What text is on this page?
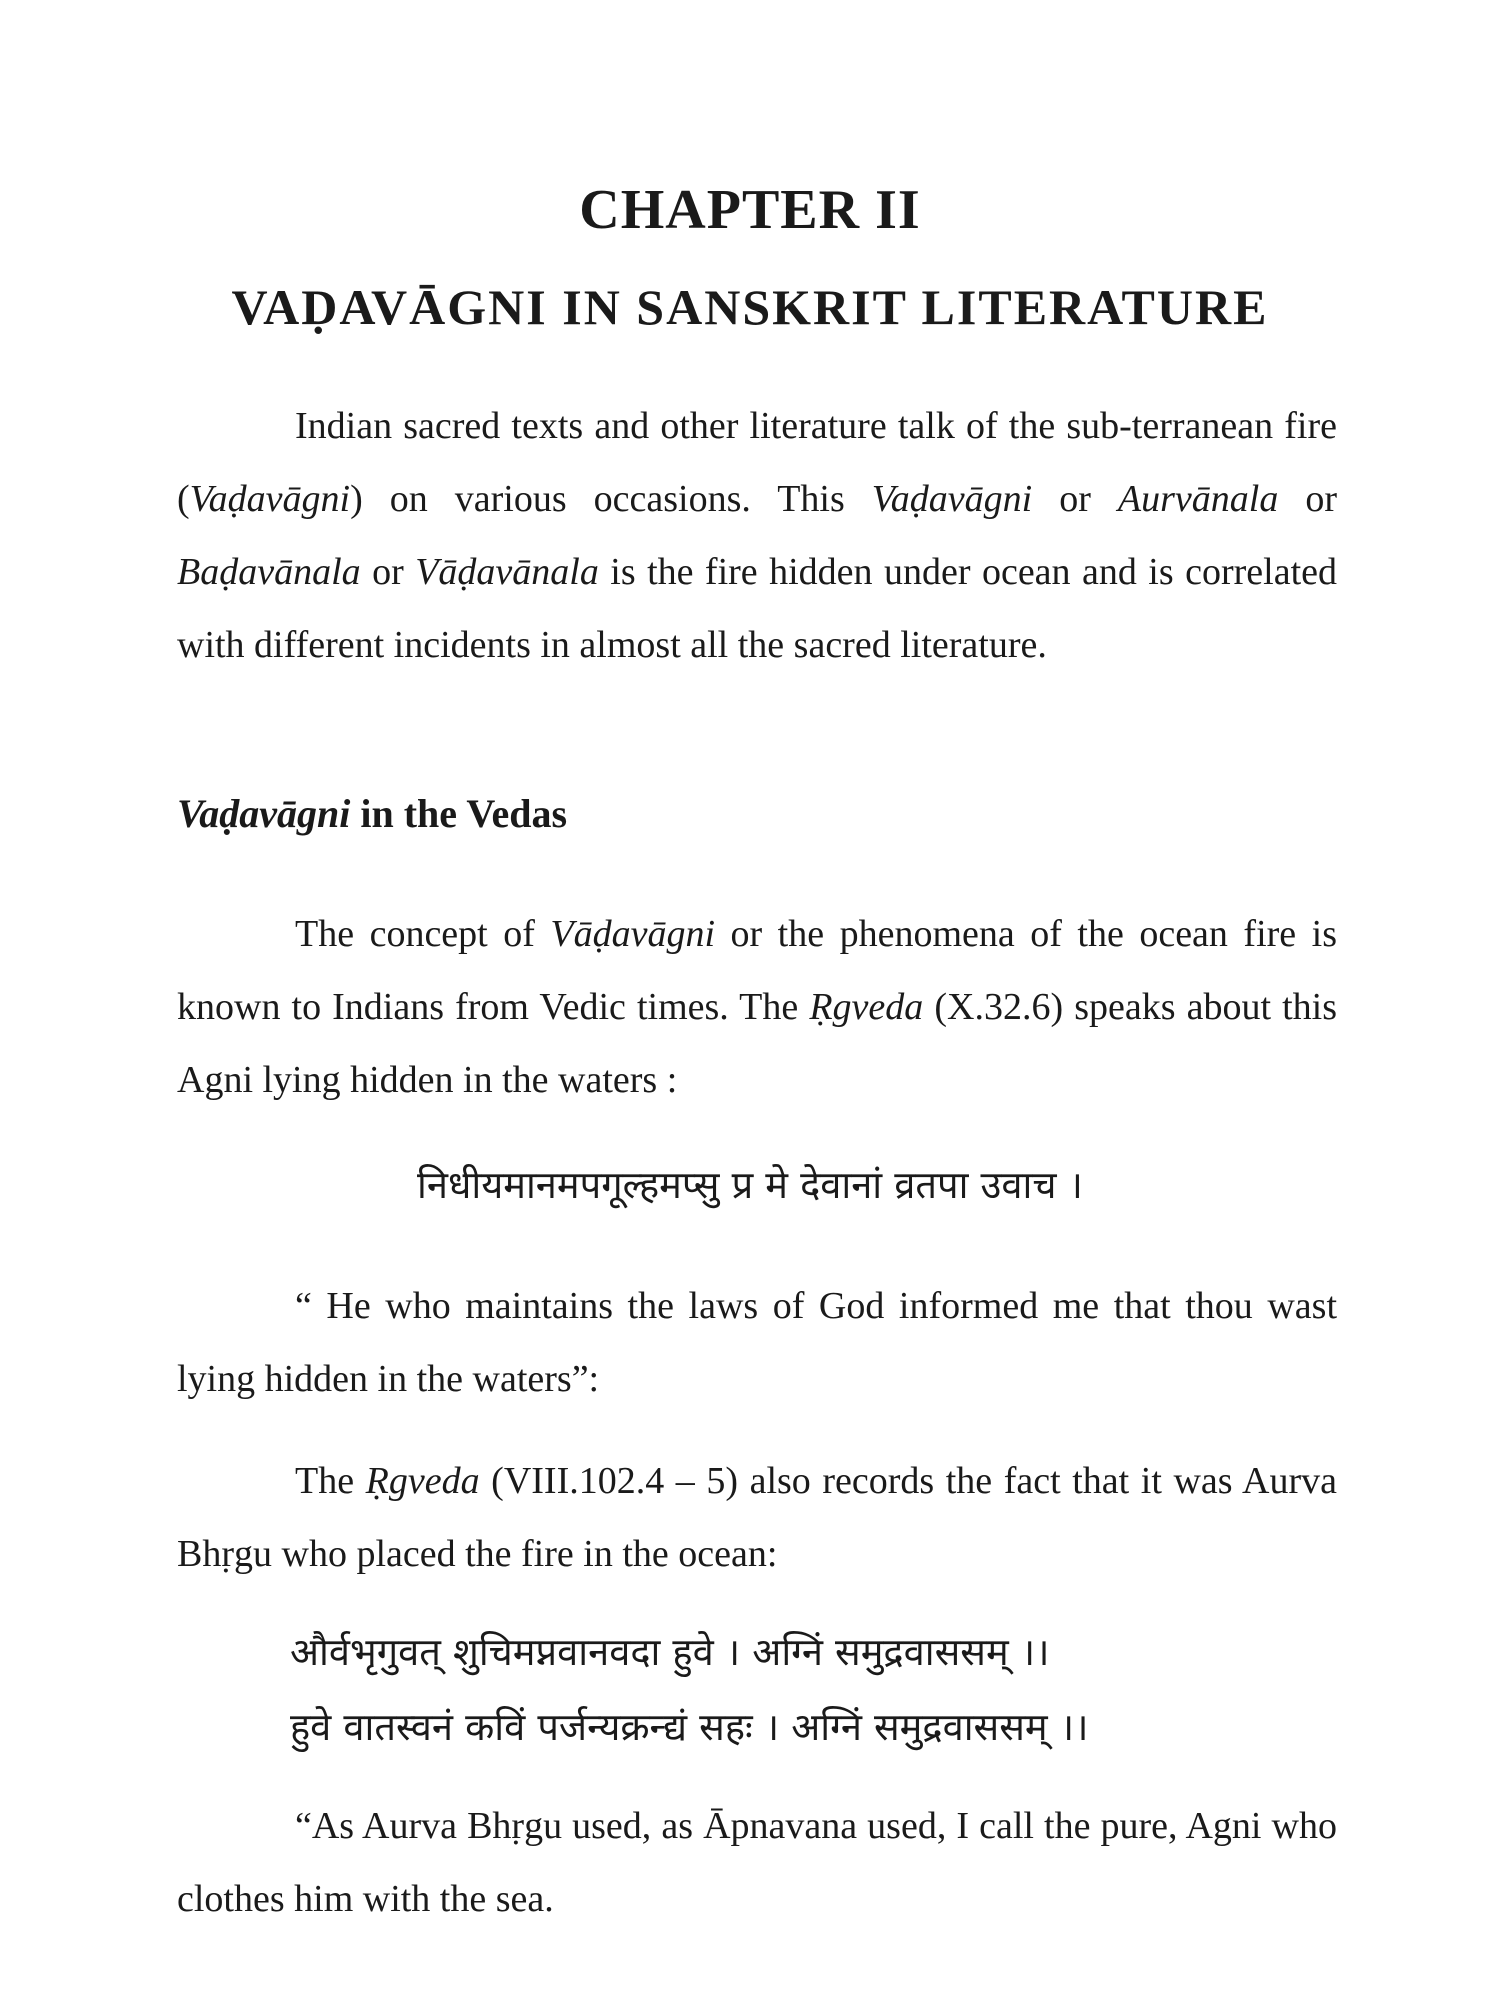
CHAPTER II
VAḌAVĀGNI IN SANSKRIT LITERATURE

Indian sacred texts and other literature talk of the sub-terranean fire (Vaḍavāgni) on various occasions. This Vaḍavāgni or Aurvānala or Baḍavānala or Vāḍavānala is the fire hidden under ocean and is correlated with different incidents in almost all the sacred literature.

Vaḍavāgni in the Vedas

The concept of Vāḍavāgni or the phenomena of the ocean fire is known to Indians from Vedic times. The Ṛgveda (X.32.6) speaks about this Agni lying hidden in the waters :

निधीयमानमपगूल्हमप्सु प्र मे देवानां व्रतपा उवाच ।

“ He who maintains the laws of God informed me that thou wast lying hidden in the waters”:

The Ṛgveda (VIII.102.4 – 5) also records the fact that it was Aurva Bhṛgu who placed the fire in the ocean:

और्वभृगुवत् शुचिमप्नवानवदा हुवे । अग्निं समुद्रवाससम् ।।
हुवे वातस्वनं कविं पर्जन्यक्रन्द्यं सहः । अग्निं समुद्रवाससम् ।।

“As Aurva Bhṛgu used, as Āpnavana used, I call the pure, Agni who clothes him with the sea.
